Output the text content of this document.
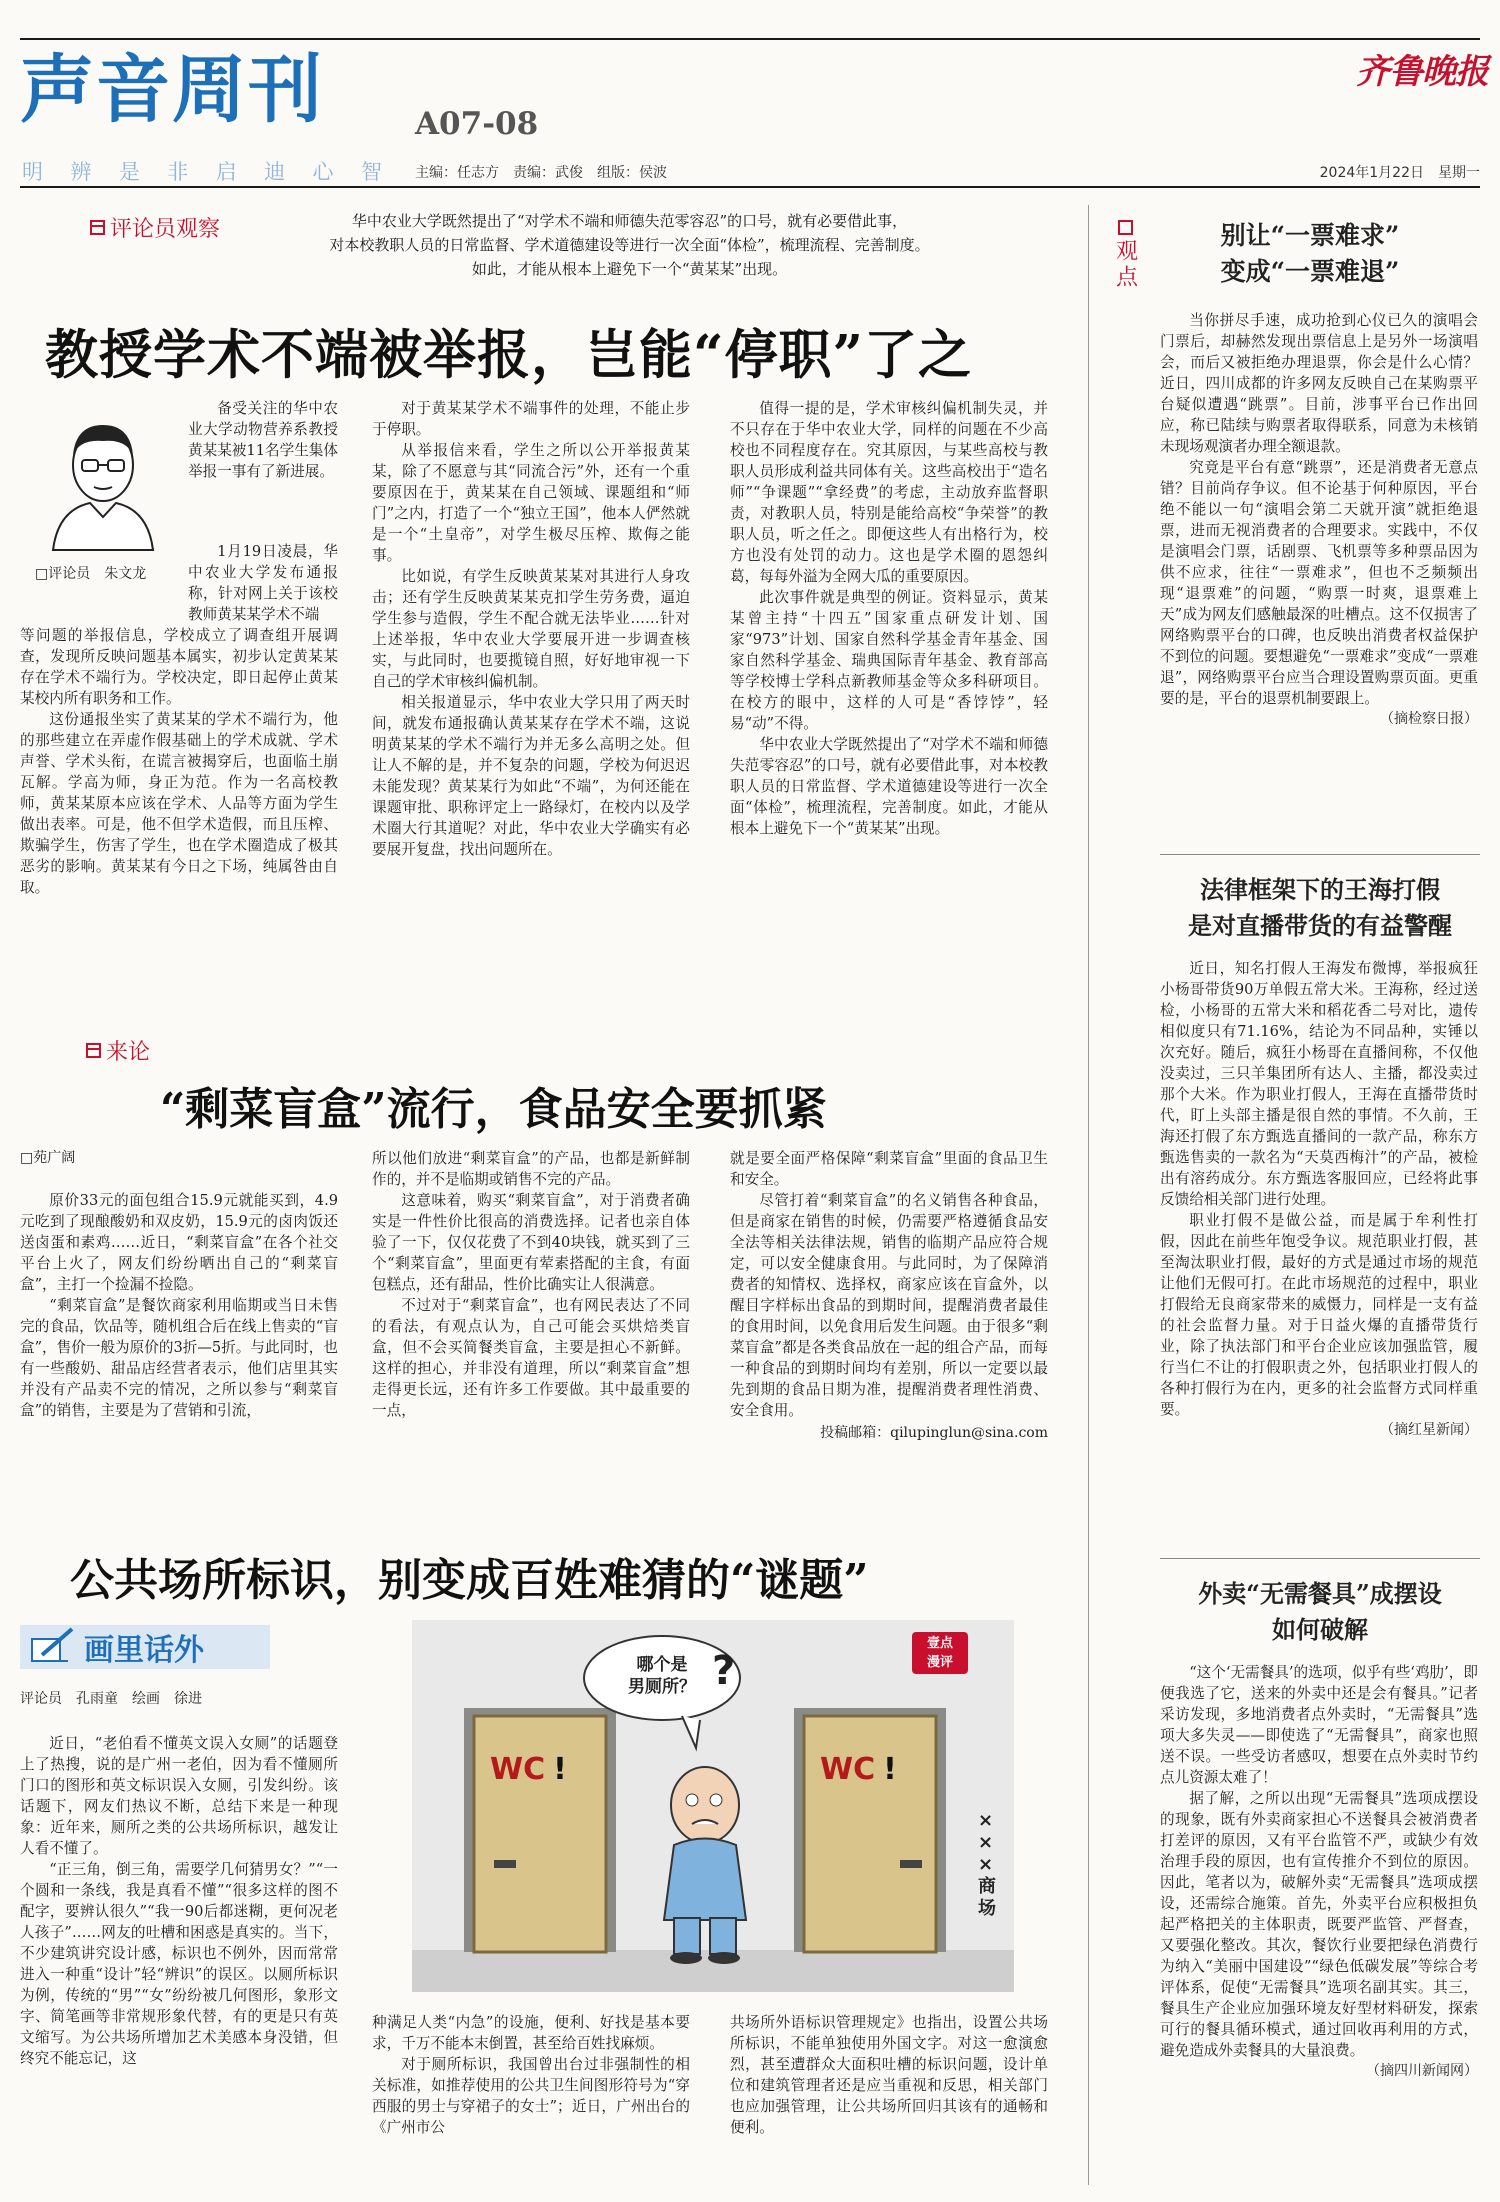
声音周刊	A07-08
明 辨 是 非 启 迪 心 智 主编：任志方　责编：武俊　组版：侯波
齐鲁晚报
2024年1月22日　星期一
评论员观察	华中农业大学既然提出了“对学术不端和师德失范零容忍”的口号，就有必要借此事，
对本校教职人员的日常监督、学术道德建设等进行一次全面“体检”，梳理流程、完善制度。
如此，才能从根本上避免下一个“黄某某”出现。
教授学术不端被举报，岂能“停职”了之
□评论员　朱文龙

备受关注的华中农业大学动物营养系教授黄某某被11名学生集体举报一事有了新进展。

1月19日凌晨，华中农业大学发布通报称，针对网上关于该校教师黄某某学术不端

等问题的举报信息，学校成立了调查组开展调查，发现所反映问题基本属实，初步认定黄某某存在学术不端行为。学校决定，即日起停止黄某某校内所有职务和工作。

这份通报坐实了黄某某的学术不端行为，他的那些建立在弄虚作假基础上的学术成就、学术声誉、学术头衔，在谎言被揭穿后，也面临土崩瓦解。学高为师，身正为范。作为一名高校教师，黄某某原本应该在学术、人品等方面为学生做出表率。可是，他不但学术造假，而且压榨、欺骗学生，伤害了学生，也在学术圈造成了极其恶劣的影响。黄某某有今日之下场，纯属咎由自取。

对于黄某某学术不端事件的处理，不能止步于停职。

从举报信来看，学生之所以公开举报黄某某，除了不愿意与其“同流合污”外，还有一个重要原因在于，黄某某在自己领域、课题组和“师门”之内，打造了一个“独立王国”，他本人俨然就是一个“土皇帝”，对学生极尽压榨、欺侮之能事。

比如说，有学生反映黄某某对其进行人身攻击；还有学生反映黄某某克扣学生劳务费，逼迫学生参与造假，学生不配合就无法毕业……针对上述举报，华中农业大学要展开进一步调查核实，与此同时，也要揽镜自照，好好地审视一下自己的学术审核纠偏机制。

相关报道显示，华中农业大学只用了两天时间，就发布通报确认黄某某存在学术不端，这说明黄某某的学术不端行为并无多么高明之处。但让人不解的是，并不复杂的问题，学校为何迟迟未能发现？黄某某行为如此“不端”，为何还能在课题审批、职称评定上一路绿灯，在校内以及学术圈大行其道呢？对此，华中农业大学确实有必要展开复盘，找出问题所在。

值得一提的是，学术审核纠偏机制失灵，并不只存在于华中农业大学，同样的问题在不少高校也不同程度存在。究其原因，与某些高校与教职人员形成利益共同体有关。这些高校出于“造名师”“争课题”“拿经费”的考虑，主动放弃监督职责，对教职人员，特别是能给高校“争荣誉”的教职人员，听之任之。即便这些人有出格行为，校方也没有处罚的动力。这也是学术圈的恩怨纠葛，每每外溢为全网大瓜的重要原因。

此次事件就是典型的例证。资料显示，黄某某曾主持“十四五”国家重点研发计划、国家“973”计划、国家自然科学基金青年基金、国家自然科学基金、瑞典国际青年基金、教育部高等学校博士学科点新教师基金等众多科研项目。在校方的眼中，这样的人可是“香饽饽”，轻易“动”不得。

华中农业大学既然提出了“对学术不端和师德失范零容忍”的口号，就有必要借此事，对本校教职人员的日常监督、学术道德建设等进行一次全面“体检”，梳理流程，完善制度。如此，才能从根本上避免下一个“黄某某”出现。

来论
“剩菜盲盒”流行，食品安全要抓紧
□苑广阔

原价33元的面包组合15.9元就能买到，4.9元吃到了现酿酸奶和双皮奶，15.9元的卤肉饭还送卤蛋和素鸡……近日，“剩菜盲盒”在各个社交平台上火了，网友们纷纷晒出自己的“剩菜盲盒”，主打一个捡漏不捡隐。

“剩菜盲盒”是餐饮商家利用临期或当日未售完的食品，饮品等，随机组合后在线上售卖的“盲盒”，售价一般为原价的3折—5折。与此同时，也有一些酸奶、甜品店经营者表示，他们店里其实并没有产品卖不完的情况，之所以参与“剩菜盲盒”的销售，主要是为了营销和引流，

所以他们放进“剩菜盲盒”的产品，也都是新鲜制作的，并不是临期或销售不完的产品。

这意味着，购买“剩菜盲盒”，对于消费者确实是一件性价比很高的消费选择。记者也亲自体验了一下，仅仅花费了不到40块钱，就买到了三个“剩菜盲盒”，里面更有荤素搭配的主食，有面包糕点，还有甜品，性价比确实让人很满意。

不过对于“剩菜盲盒”，也有网民表达了不同的看法，有观点认为，自己可能会买烘焙类盲盒，但不会买简餐类盲盒，主要是担心不新鲜。这样的担心，并非没有道理，所以“剩菜盲盒”想走得更长远，还有许多工作要做。其中最重要的一点，

就是要全面严格保障“剩菜盲盒”里面的食品卫生和安全。

尽管打着“剩菜盲盒”的名义销售各种食品，但是商家在销售的时候，仍需要严格遵循食品安全法等相关法律法规，销售的临期产品应符合规定，可以安全健康食用。与此同时，为了保障消费者的知情权、选择权，商家应该在盲盒外，以醒目字样标出食品的到期时间，提醒消费者最佳的食用时间，以免食用后发生问题。由于很多“剩菜盲盒”都是各类食品放在一起的组合产品，而每一种食品的到期时间均有差别，所以一定要以最先到期的食品日期为准，提醒消费者理性消费、安全食用。

投稿邮箱：qilupinglun@sina.com
公共场所标识，别变成百姓难猜的“谜题”
画里话外
评论员　孔雨童　绘画　徐进
哪个是
男厕所？ ?
壹点
漫评
WC !	WC !
×××商场

近日，“老伯看不懂英文误入女厕”的话题登上了热搜，说的是广州一老伯，因为看不懂厕所门口的图形和英文标识误入女厕，引发纠纷。该话题下，网友们热议不断，总结下来是一种现象：近年来，厕所之类的公共场所标识，越发让人看不懂了。

“正三角，倒三角，需要学几何猜男女？”“一个圆和一条线，我是真看不懂”“很多这样的图不配字，要辨认很久”“我一90后都迷糊，更何况老人孩子”……网友的吐槽和困惑是真实的。当下，不少建筑讲究设计感，标识也不例外，因而常常进入一种重“设计”轻“辨识”的误区。以厕所标识为例，传统的“男”“女”纷纷被几何图形，象形文字、简笔画等非常规形象代替，有的更是只有英文缩写。为公共场所增加艺术美感本身没错，但终究不能忘记，这

种满足人类“内急”的设施，便利、好找是基本要求，千万不能本末倒置，甚至给百姓找麻烦。

对于厕所标识，我国曾出台过非强制性的相关标准，如推荐使用的公共卫生间图形符号为“穿西服的男士与穿裙子的女士”；近日，广州出台的《广州市公

共场所外语标识管理规定》也指出，设置公共场所标识，不能单独使用外国文字。对这一愈演愈烈，甚至遭群众大面积吐槽的标识问题，设计单位和建筑管理者还是应当重视和反思，相关部门也应加强管理，让公共场所回归其该有的通畅和便利。

观点
别让“一票难求”
变成“一票难退”

当你拼尽手速，成功抢到心仪已久的演唱会门票后，却赫然发现出票信息上是另外一场演唱会，而后又被拒绝办理退票，你会是什么心情？近日，四川成都的许多网友反映自己在某购票平台疑似遭遇“跳票”。目前，涉事平台已作出回应，称已陆续与购票者取得联系，同意为未核销未现场观演者办理全额退款。

究竟是平台有意“跳票”，还是消费者无意点错？目前尚存争议。但不论基于何种原因，平台绝不能以一句“演唱会第二天就开演”就拒绝退票，进而无视消费者的合理要求。实践中，不仅是演唱会门票，话剧票、飞机票等多种票品因为供不应求，往往“一票难求”，但也不乏频频出现“退票难”的问题，“购票一时爽，退票难上天”成为网友们感触最深的吐槽点。这不仅损害了网络购票平台的口碑，也反映出消费者权益保护不到位的问题。要想避免“一票难求”变成“一票难退”，网络购票平台应当合理设置购票页面。更重要的是，平台的退票机制要跟上。

（摘检察日报）
法律框架下的王海打假
是对直播带货的有益警醒

近日，知名打假人王海发布微博，举报疯狂小杨哥带货90万单假五常大米。王海称，经过送检，小杨哥的五常大米和稻花香二号对比，遗传相似度只有71.16%，结论为不同品种，实锤以次充好。随后，疯狂小杨哥在直播间称，不仅他没卖过，三只羊集团所有达人、主播，都没卖过那个大米。作为职业打假人，王海在直播带货时代，盯上头部主播是很自然的事情。不久前，王海还打假了东方甄选直播间的一款产品，称东方甄选售卖的一款名为“天莫西梅汁”的产品，被检出有溶药成分。东方甄选客服回应，已经将此事反馈给相关部门进行处理。

职业打假不是做公益，而是属于牟利性打假，因此在前些年饱受争议。规范职业打假，甚至淘汰职业打假，最好的方式是通过市场的规范让他们无假可打。在此市场规范的过程中，职业打假给无良商家带来的威慑力，同样是一支有益的社会监督力量。对于日益火爆的直播带货行业，除了执法部门和平台企业应该加强监管，履行当仁不让的打假职责之外，包括职业打假人的各种打假行为在内，更多的社会监督方式同样重要。

（摘红星新闻）
外卖“无需餐具”成摆设
如何破解

“这个‘无需餐具’的选项，似乎有些‘鸡肋’，即便我选了它，送来的外卖中还是会有餐具。”记者采访发现，多地消费者点外卖时，“无需餐具”选项大多失灵——即使选了“无需餐具”，商家也照送不误。一些受访者感叹，想要在点外卖时节约点儿资源太难了！

据了解，之所以出现“无需餐具”选项成摆设的现象，既有外卖商家担心不送餐具会被消费者打差评的原因，又有平台监管不严，或缺少有效治理手段的原因，也有宣传推介不到位的原因。因此，笔者以为，破解外卖“无需餐具”选项成摆设，还需综合施策。首先，外卖平台应积极担负起严格把关的主体职责，既要严监管、严督查，又要强化整改。其次，餐饮行业要把绿色消费行为纳入“美丽中国建设”“绿色低碳发展”等综合考评体系，促使“无需餐具”选项名副其实。其三，餐具生产企业应加强环境友好型材料研发，探索可行的餐具循环模式，通过回收再利用的方式，避免造成外卖餐具的大量浪费。

（摘四川新闻网）
